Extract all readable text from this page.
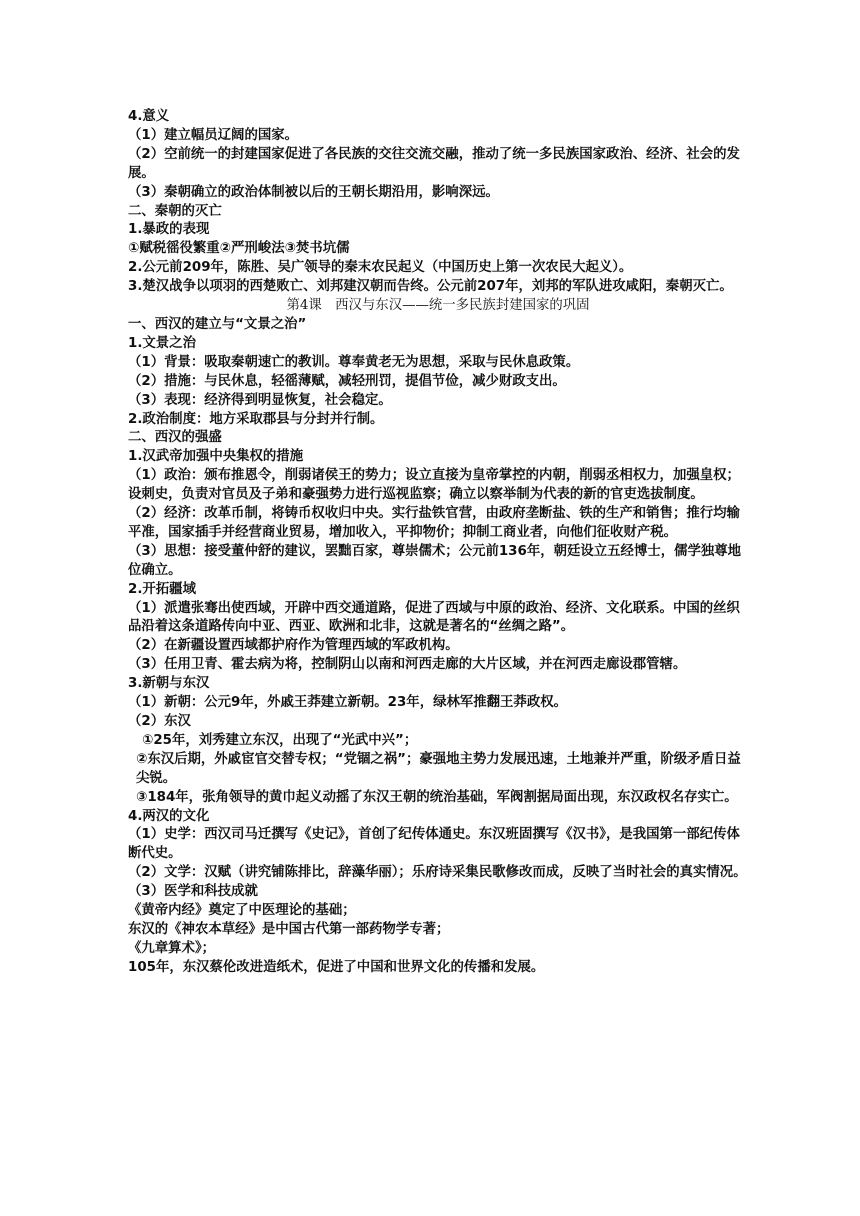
4.意义
（1）建立幅员辽阔的国家。
（2）空前统一的封建国家促进了各民族的交往交流交融，推动了统一多民族国家政治、经济、社会的发展。
（3）秦朝确立的政治体制被以后的王朝长期沿用，影响深远。
二、秦朝的灭亡
1.暴政的表现
①赋税徭役繁重②严刑峻法③焚书坑儒
2.公元前209年，陈胜、吴广领导的秦末农民起义（中国历史上第一次农民大起义）。
3.楚汉战争以项羽的西楚败亡、刘邦建汉朝而告终。公元前207年，刘邦的军队进攻咸阳，秦朝灭亡。
第4课　西汉与东汉——统一多民族封建国家的巩固
一、西汉的建立与“文景之治”
1.文景之治
（1）背景：吸取秦朝速亡的教训。尊奉黄老无为思想，采取与民休息政策。
（2）措施：与民休息，轻徭薄赋，减轻刑罚，提倡节俭，减少财政支出。
（3）表现：经济得到明显恢复，社会稳定。
2.政治制度：地方采取郡县与分封并行制。
二、西汉的强盛
1.汉武帝加强中央集权的措施
（1）政治：颁布推恩令，削弱诸侯王的势力；设立直接为皇帝掌控的内朝，削弱丞相权力，加强皇权；设刺史，负责对官员及子弟和豪强势力进行巡视监察；确立以察举制为代表的新的官吏选拔制度。
（2）经济：改革币制，将铸币权收归中央。实行盐铁官营，由政府垄断盐、铁的生产和销售；推行均输平准，国家插手并经营商业贸易，增加收入，平抑物价；抑制工商业者，向他们征收财产税。
（3）思想：接受董仲舒的建议，罢黜百家，尊崇儒术；公元前136年，朝廷设立五经博士，儒学独尊地位确立。
2.开拓疆域
（1）派遣张骞出使西域，开辟中西交通道路，促进了西域与中原的政治、经济、文化联系。中国的丝织品沿着这条道路传向中亚、西亚、欧洲和北非，这就是著名的“丝绸之路”。
（2）在新疆设置西域都护府作为管理西域的军政机构。
（3）任用卫青、霍去病为将，控制阴山以南和河西走廊的大片区域，并在河西走廊设郡管辖。
3.新朝与东汉
（1）新朝：公元9年，外戚王莽建立新朝。23年，绿林军推翻王莽政权。
（2）东汉
①25年，刘秀建立东汉，出现了“光武中兴”；
②东汉后期，外戚宦官交替专权；“党锢之祸”；豪强地主势力发展迅速，土地兼并严重，阶级矛盾日益尖锐。
③184年，张角领导的黄巾起义动摇了东汉王朝的统治基础，军阀割据局面出现，东汉政权名存实亡。
4.两汉的文化
（1）史学：西汉司马迁撰写《史记》，首创了纪传体通史。东汉班固撰写《汉书》，是我国第一部纪传体断代史。
（2）文学：汉赋（讲究铺陈排比，辞藻华丽）；乐府诗采集民歌修改而成，反映了当时社会的真实情况。
（3）医学和科技成就
《黄帝内经》奠定了中医理论的基础；
东汉的《神农本草经》是中国古代第一部药物学专著；
《九章算术》；
105年，东汉蔡伦改进造纸术，促进了中国和世界文化的传播和发展。
